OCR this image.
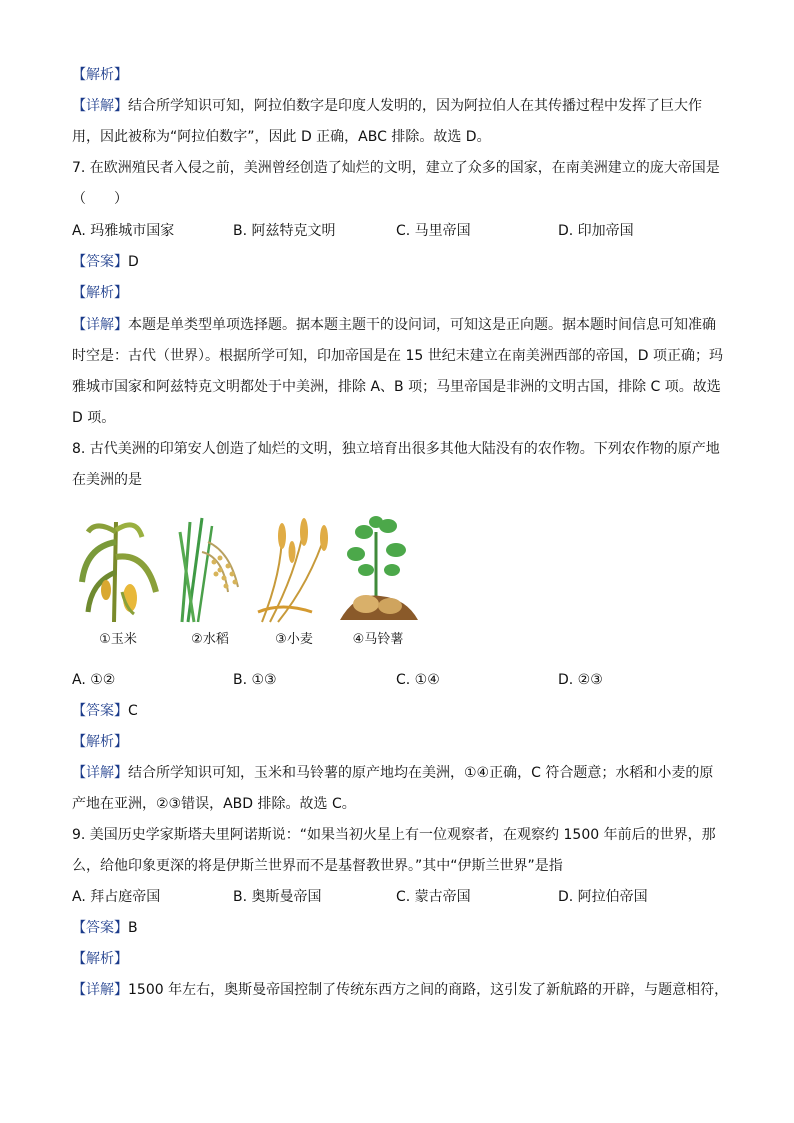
【解析】
【详解】结合所学知识可知，阿拉伯数字是印度人发明的，因为阿拉伯人在其传播过程中发挥了巨大作
用，因此被称为“阿拉伯数字”，因此 D 正确，ABC 排除。故选 D。
7. 在欧洲殖民者入侵之前，美洲曾经创造了灿烂的文明，建立了众多的国家，在南美洲建立的庞大帝国是
（　　）
A. 玛雅城市国家	B. 阿兹特克文明	C. 马里帝国	D. 印加帝国
【答案】D
【解析】
【详解】本题是单类型单项选择题。据本题主题干的设问词，可知这是正向题。据本题时间信息可知准确
时空是：古代（世界）。根据所学可知，印加帝国是在 15 世纪末建立在南美洲西部的帝国，D 项正确；玛
雅城市国家和阿兹特克文明都处于中美洲，排除 A、B 项；马里帝国是非洲的文明古国，排除 C 项。故选
D 项。
8. 古代美洲的印第安人创造了灿烂的文明，独立培育出很多其他大陆没有的农作物。下列农作物的原产地
在美洲的是
①玉米	②水稻	③小麦	④马铃薯
A. ①②	B. ①③	C. ①④	D. ②③
【答案】C
【解析】
【详解】结合所学知识可知，玉米和马铃薯的原产地均在美洲，①④正确，C 符合题意；水稻和小麦的原
产地在亚洲，②③错误，ABD 排除。故选 C。
9. 美国历史学家斯塔夫里阿诺斯说：“如果当初火星上有一位观察者，在观察约 1500 年前后的世界，那
么，给他印象更深的将是伊斯兰世界而不是基督教世界。”其中“伊斯兰世界”是指
A. 拜占庭帝国	B. 奥斯曼帝国	C. 蒙古帝国	D. 阿拉伯帝国
【答案】B
【解析】
【详解】1500 年左右，奥斯曼帝国控制了传统东西方之间的商路，这引发了新航路的开辟，与题意相符，
